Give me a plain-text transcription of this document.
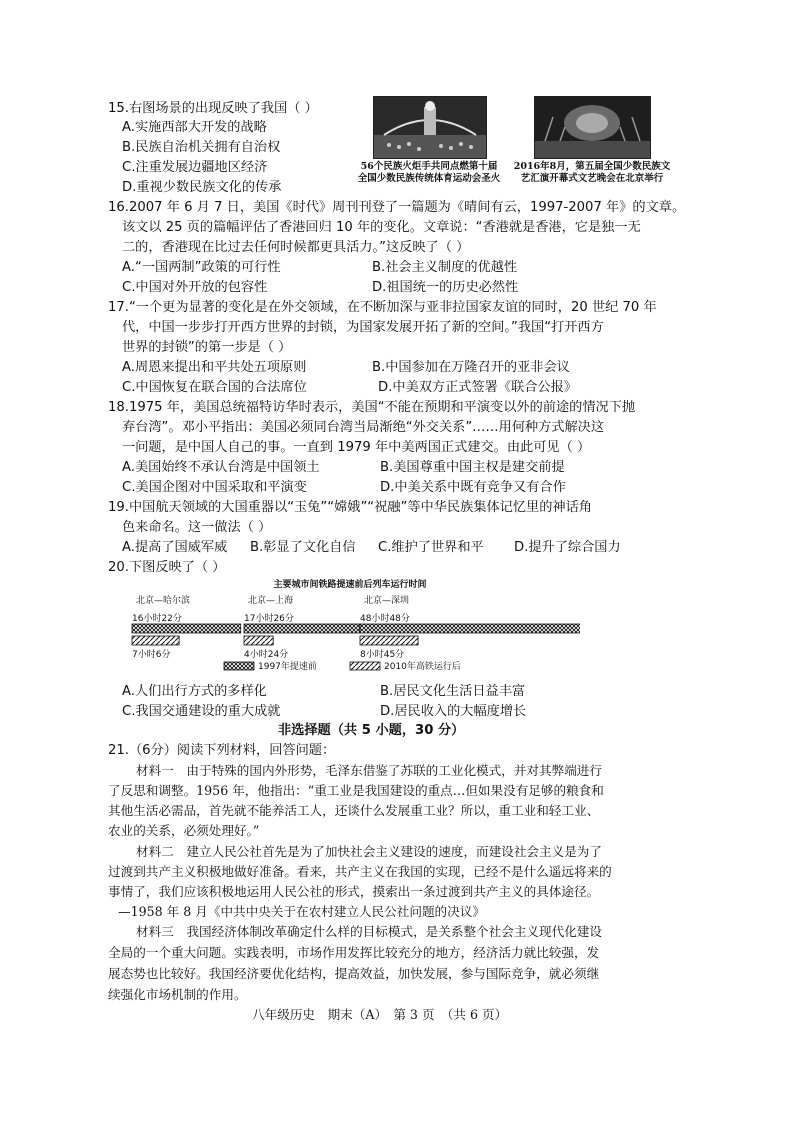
15.右图场景的出现反映了我国（ ）
A.实施西部大开发的战略
B.民族自治机关拥有自治权
C.注重发展边疆地区经济
D.重视少数民族文化的传承
56个民族火炬手共同点燃第十届
全国少数民族传统体育运动会圣火
2016年8月，第五届全国少数民族文
艺汇演开幕式文艺晚会在北京举行
16.2007 年 6 月 7 日，美国《时代》周刊刊登了一篇题为《晴间有云，1997-2007 年》的文章。
该文以 25 页的篇幅评估了香港回归 10 年的变化。文章说：“香港就是香港，它是独一无
二的，香港现在比过去任何时候都更具活力。”这反映了（ ）
A.“一国两制”政策的可行性	B.社会主义制度的优越性
C.中国对外开放的包容性	D.祖国统一的历史必然性
17.“一个更为显著的变化是在外交领域，在不断加深与亚非拉国家友谊的同时，20 世纪 70 年
代，中国一步步打开西方世界的封锁，为国家发展开拓了新的空间。”我国“打开西方
世界的封锁”的第一步是（ ）
A.周恩来提出和平共处五项原则	B.中国参加在万隆召开的亚非会议
C.中国恢复在联合国的合法席位	D.中美双方正式签署《联合公报》
18.1975 年，美国总统福特访华时表示，美国“不能在预期和平演变以外的前途的情况下抛
弃台湾”。邓小平指出：美国必须同台湾当局渐绝“外交关系”……用何种方式解决这
一问题，是中国人自己的事。一直到 1979 年中美两国正式建交。由此可见（ ）
A.美国始终不承认台湾是中国领土	B.美国尊重中国主权是建交前提
C.美国企图对中国采取和平演变	D.中美关系中既有竞争又有合作
19.中国航天领域的大国重器以“玉兔”“嫦娥”“祝融”等中华民族集体记忆里的神话角
色来命名。这一做法（ ）
A.提高了国威军威 B.彰显了文化自信 C.维护了世界和平 D.提升了综合国力
20.下图反映了（ ）
主要城市间铁路提速前后列车运行时间
北京—哈尔滨
16小时22分
7小时6分
北京—上海
17小时26分
4小时24分
北京—深圳
48小时48分
8小时45分
1997年提速前	2010年高铁运行后
A.人们出行方式的多样化	B.居民文化生活日益丰富
C.我国交通建设的重大成就	D.居民收入的大幅度增长
非选择题（共 5 小题，30 分）
21.（6分）阅读下列材料，回答问题：
材料一　由于特殊的国内外形势，毛泽东借鉴了苏联的工业化模式，并对其弊端进行
了反思和调整。1956 年，他指出：“重工业是我国建设的重点…但如果没有足够的粮食和
其他生活必需品，首先就不能养活工人，还谈什么发展重工业？所以，重工业和轻工业、
农业的关系，必须处理好。”
材料二　建立人民公社首先是为了加快社会主义建设的速度，而建设社会主义是为了
过渡到共产主义积极地做好准备。看来，共产主义在我国的实现，已经不是什么遥远将来的
事情了，我们应该积极地运用人民公社的形式，摸索出一条过渡到共产主义的具体途径。
—1958 年 8 月《中共中央关于在农村建立人民公社问题的决议》
材料三　我国经济体制改革确定什么样的目标模式，是关系整个社会主义现代化建设
全局的一个重大问题。实践表明，市场作用发挥比较充分的地方，经济活力就比较强，发
展态势也比较好。我国经济要优化结构，提高效益，加快发展，参与国际竞争，就必须继
续强化市场机制的作用。
八年级历史　期末（A）　第 3 页　（共 6 页）
